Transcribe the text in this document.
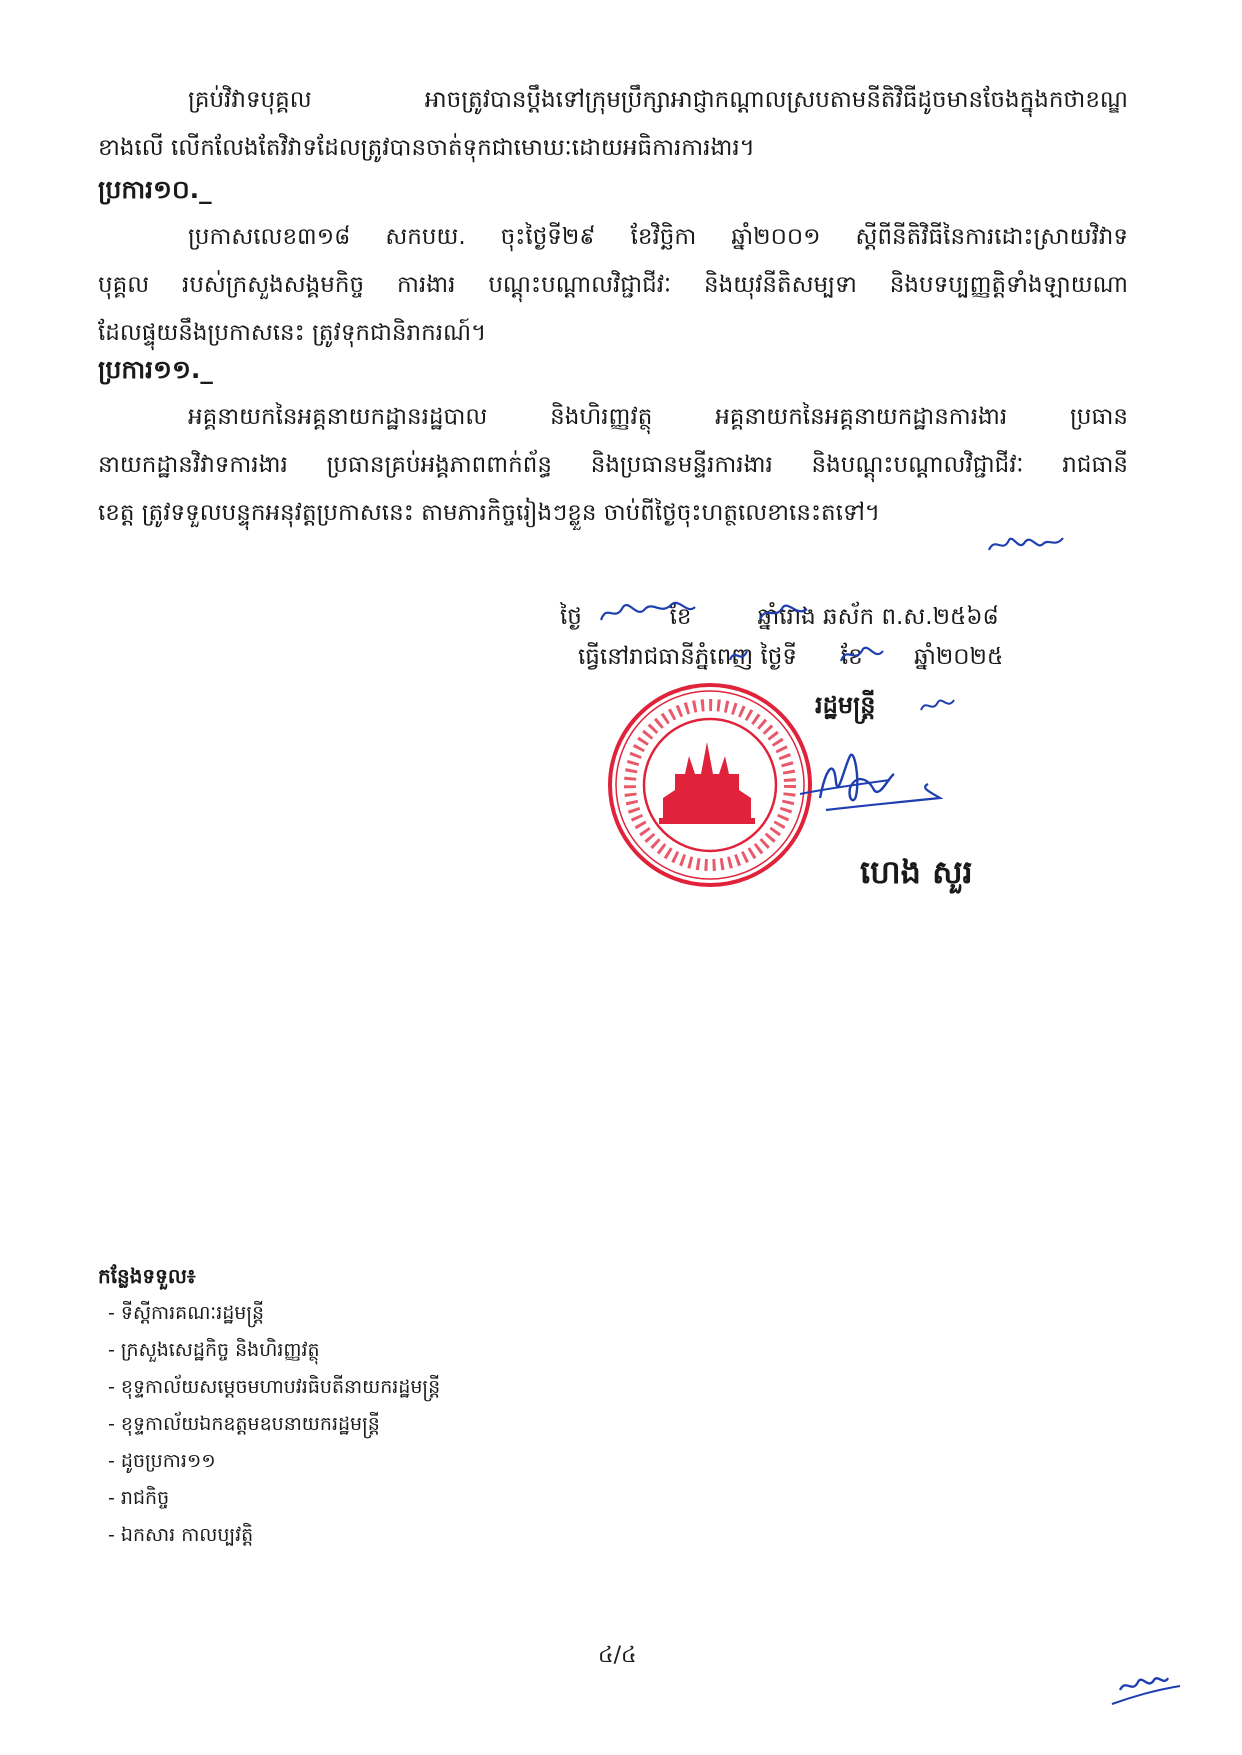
គ្រប់វិវាទបុគ្គល អាចត្រូវបានប្ដឹងទៅក្រុមប្រឹក្សាអាជ្ញាកណ្ដាលស្របតាមនីតិវិធីដូចមានចែងក្នុងកថាខណ្ឌ
ខាងលើ លើកលែងតែវិវាទដែលត្រូវបានចាត់ទុកជាមោឃៈដោយអធិការការងារ។
ប្រការ១០._
ប្រកាសលេខ៣១៨ សកបយ. ចុះថ្ងៃទី២៩ ខែវិច្ឆិកា ឆ្នាំ២០០១ ស្ដីពីនីតិវិធីនៃការដោះស្រាយវិវាទ
បុគ្គល របស់ក្រសួងសង្គមកិច្ច ការងារ បណ្ដុះបណ្ដាលវិជ្ជាជីវៈ និងយុវនីតិសម្បទា និងបទប្បញ្ញត្តិទាំងឡាយណា
ដែលផ្ទុយនឹងប្រកាសនេះ ត្រូវទុកជានិរាករណ៍។
ប្រការ១១._
អគ្គនាយកនៃអគ្គនាយកដ្ឋានរដ្ឋបាល និងហិរញ្ញវត្ថុ អគ្គនាយកនៃអគ្គនាយកដ្ឋានការងារ ប្រធាន
នាយកដ្ឋានវិវាទការងារ ប្រធានគ្រប់អង្គភាពពាក់ព័ន្ធ និងប្រធានមន្ទីរការងារ និងបណ្ដុះបណ្ដាលវិជ្ជាជីវៈ រាជធានី
ខេត្ត ត្រូវទទួលបន្ទុកអនុវត្តប្រកាសនេះ តាមភារកិច្ចរៀងៗខ្លួន ចាប់ពីថ្ងៃចុះហត្ថលេខានេះតទៅ។
ថ្ងៃ            ខែ         ឆ្នាំរោង ឆស័ក ព.ស.២៥៦៨
ធ្វើនៅរាជធានីភ្នំពេញ ថ្ងៃទី      ខែ       ឆ្នាំ២០២៥
រដ្ឋមន្ត្រី
ហេង សួរ
កន្លែងទទួល៖
- ទីស្ដីការគណៈរដ្ឋមន្ត្រី
- ក្រសួងសេដ្ឋកិច្ច និងហិរញ្ញវត្ថុ
- ខុទ្ទកាល័យសម្ដេចមហាបវរធិបតីនាយករដ្ឋមន្ត្រី
- ខុទ្ទកាល័យឯកឧត្ដមឧបនាយករដ្ឋមន្ត្រី
- ដូចប្រការ១១
- រាជកិច្ច
- ឯកសារ កាលប្បវត្តិ
៤/៤
